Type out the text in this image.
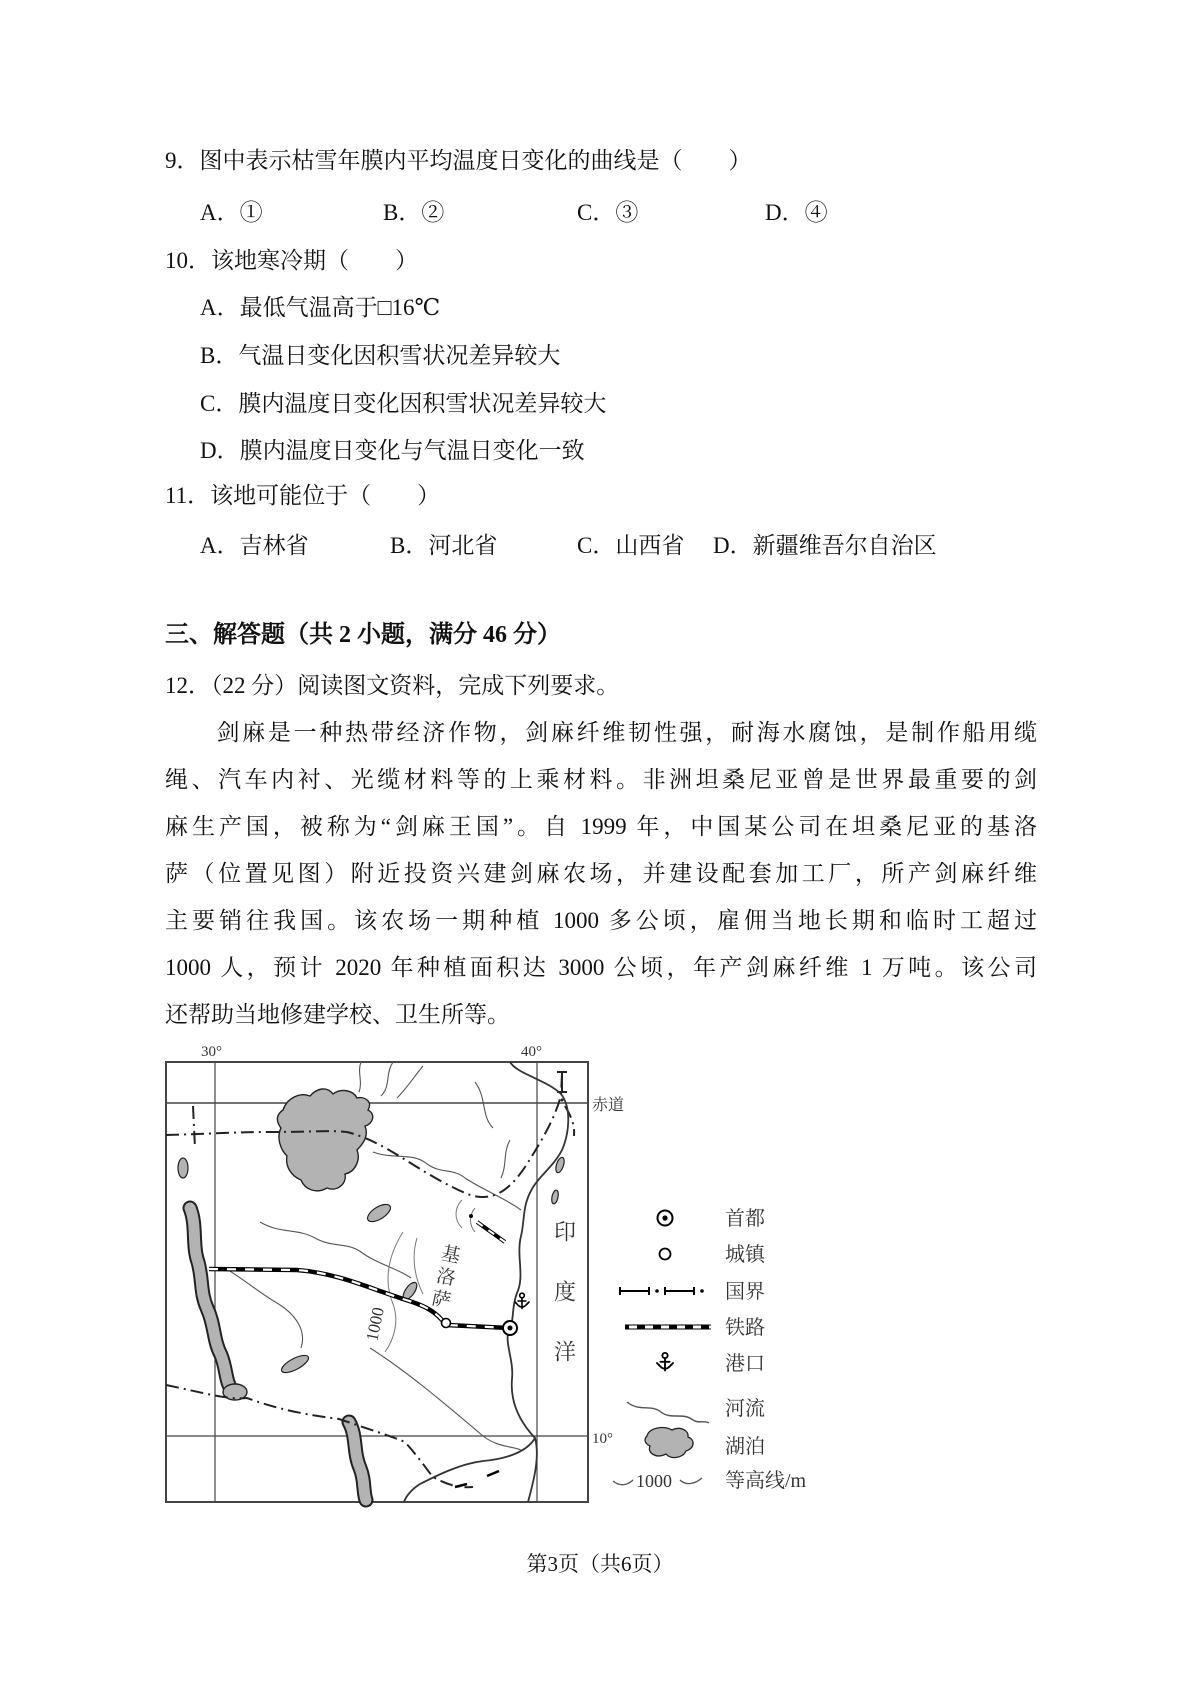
9．图中表示枯雪年膜内平均温度日变化的曲线是（　　）
A．①	B．②	C．③	D．④
10．该地寒冷期（　　）
A．最低气温高于□16℃
B．气温日变化因积雪状况差异较大
C．膜内温度日变化因积雪状况差异较大
D．膜内温度日变化与气温日变化一致
11．该地可能位于（　　）
A．吉林省	B．河北省	C．山西省 D．新疆维吾尔自治区
三、解答题（共 2 小题，满分 46 分）
12．（22 分）阅读图文资料，完成下列要求。
　　剑麻是一种热带经济作物，剑麻纤维韧性强，耐海水腐蚀，是制作船用缆
绳、汽车内衬、光缆材料等的上乘材料。非洲坦桑尼亚曾是世界最重要的剑
麻生产国，被称为“剑麻王国”。自 1999 年，中国某公司在坦桑尼亚的基洛
萨（位置见图）附近投资兴建剑麻农场，并建设配套加工厂，所产剑麻纤维
主要销往我国。该农场一期种植 1000 多公顷，雇佣当地长期和临时工超过
1000 人，预计 2020 年种植面积达 3000 公顷，年产剑麻纤维 1 万吨。该公司
还帮助当地修建学校、卫生所等。
30°	40°
赤道
10°
印度洋
基洛萨
1000
首都
城镇
国界
铁路
港口
河流
湖泊
1000	等高线/m
第3页（共6页）
